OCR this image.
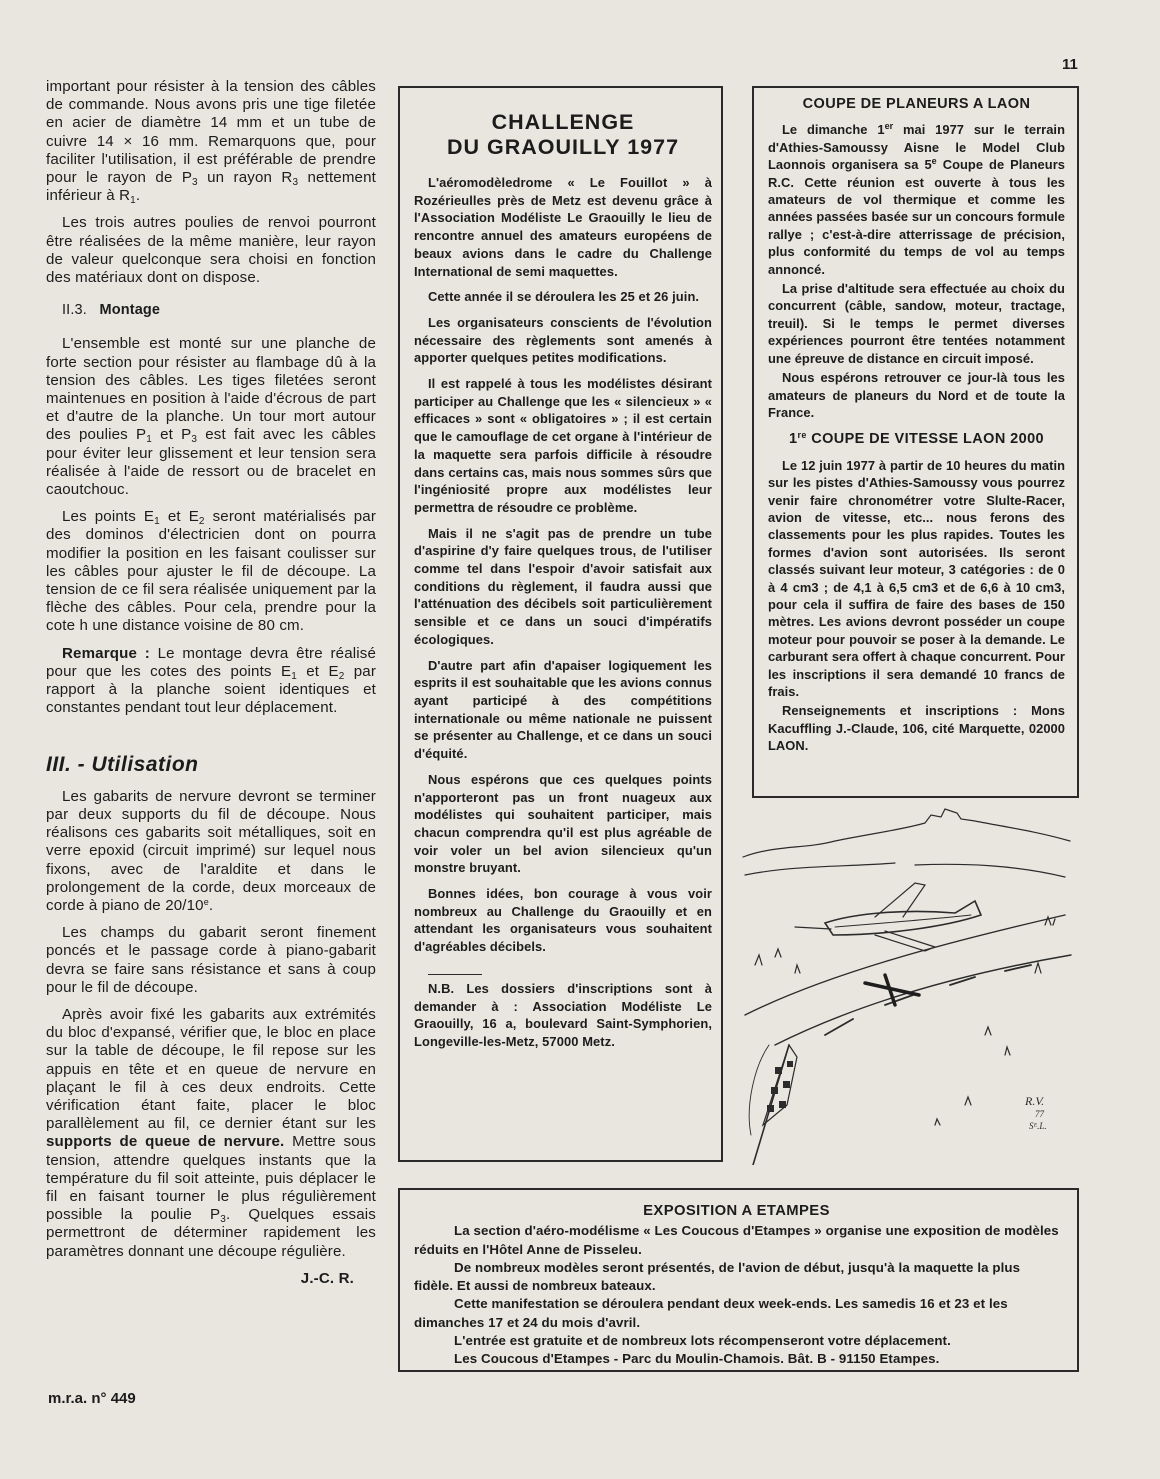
11

important pour résister à la tension des câbles de commande. Nous avons pris une tige filetée en acier de diamètre 14 mm et un tube de cuivre 14 × 16 mm. Remarquons que, pour faciliter l'utilisation, il est préférable de prendre pour le rayon de $P_3$ un rayon $R_3$ nettement inférieur à $R_1$.

Les trois autres poulies de renvoi pourront être réalisées de la même manière, leur rayon de valeur quelconque sera choisi en fonction des matériaux dont on dispose.

II.3. Montage

L'ensemble est monté sur une planche de forte section pour résister au flambage dû à la tension des câbles. Les tiges filetées seront maintenues en position à l'aide d'écrous de part et d'autre de la planche. Un tour mort autour des poulies $P_1$ et $P_3$ est fait avec les câbles pour éviter leur glissement et leur tension sera réalisée à l'aide de ressort ou de bracelet en caoutchouc.

Les points $E_1$ et $E_2$ seront matérialisés par des dominos d'électricien dont on pourra modifier la position en les faisant coulisser sur les câbles pour ajuster le fil de découpe. La tension de ce fil sera réalisée uniquement par la flèche des câbles. Pour cela, prendre pour la cote h une distance voisine de 80 cm.

Remarque : Le montage devra être réalisé pour que les cotes des points $E_1$ et $E_2$ par rapport à la planche soient identiques et constantes pendant tout leur déplacement.

III. - Utilisation

Les gabarits de nervure devront se terminer par deux supports du fil de découpe. Nous réalisons ces gabarits soit métalliques, soit en verre epoxid (circuit imprimé) sur lequel nous fixons, avec de l'araldite et dans le prolongement de la corde, deux morceaux de corde à piano de 20/10e.

Les champs du gabarit seront finement poncés et le passage corde à piano-gabarit devra se faire sans résistance et sans à coup pour le fil de découpe.

Après avoir fixé les gabarits aux extrémités du bloc d'expansé, vérifier que, le bloc en place sur la table de découpe, le fil repose sur les appuis en tête et en queue de nervure en plaçant le fil à ces deux endroits. Cette vérification étant faite, placer le bloc parallèlement au fil, ce dernier étant sur les supports de queue de nervure. Mettre sous tension, attendre quelques instants que la température du fil soit atteinte, puis déplacer le fil en faisant tourner le plus régulièrement possible la poulie $P_3$. Quelques essais permettront de déterminer rapidement les paramètres donnant une découpe régulière.

J.-C. R.
m.r.a. n° 449
CHALLENGE
DU GRAOUILLY 1977

L'aéromodèledrome « Le Fouillot » à Rozérieulles près de Metz est devenu grâce à l'Association Modéliste Le Graouilly le lieu de rencontre annuel des amateurs européens de beaux avions dans le cadre du Challenge International de semi maquettes.

Cette année il se déroulera les 25 et 26 juin.

Les organisateurs conscients de l'évolution nécessaire des règlements sont amenés à apporter quelques petites modifications.

Il est rappelé à tous les modélistes désirant participer au Challenge que les « silencieux » « efficaces » sont « obligatoires » ; il est certain que le camouflage de cet organe à l'intérieur de la maquette sera parfois difficile à résoudre dans certains cas, mais nous sommes sûrs que l'ingéniosité propre aux modélistes leur permettra de résoudre ce problème.

Mais il ne s'agit pas de prendre un tube d'aspirine d'y faire quelques trous, de l'utiliser comme tel dans l'espoir d'avoir satisfait aux conditions du règlement, il faudra aussi que l'atténuation des décibels soit particulièrement sensible et ce dans un souci d'impératifs écologiques.

D'autre part afin d'apaiser logiquement les esprits il est souhaitable que les avions connus ayant participé à des compétitions internationale ou même nationale ne puissent se présenter au Challenge, et ce dans un souci d'équité.

Nous espérons que ces quelques points n'apporteront pas un front nuageux aux modélistes qui souhaitent participer, mais chacun comprendra qu'il est plus agréable de voir voler un bel avion silencieux qu'un monstre bruyant.

Bonnes idées, bon courage à vous voir nombreux au Challenge du Graouilly et en attendant les organisateurs vous souhaitent d'agréables décibels.

N.B. Les dossiers d'inscriptions sont à demander à : Association Modéliste Le Graouilly, 16 a, boulevard Saint-Symphorien, Longeville-les-Metz, 57000 Metz.

COUPE DE PLANEURS A LAON

Le dimanche 1er mai 1977 sur le terrain d'Athies-Samoussy Aisne le Model Club Laonnois organisera sa 5e Coupe de Planeurs R.C. Cette réunion est ouverte à tous les amateurs de vol thermique et comme les années passées basée sur un concours formule rallye ; c'est-à-dire atterrissage de précision, plus conformité du temps de vol au temps annoncé.

La prise d'altitude sera effectuée au choix du concurrent (câble, sandow, moteur, tractage, treuil). Si le temps le permet diverses expériences pourront être tentées notamment une épreuve de distance en circuit imposé.

Nous espérons retrouver ce jour-là tous les amateurs de planeurs du Nord et de toute la France.

1re COUPE DE VITESSE LAON 2000

Le 12 juin 1977 à partir de 10 heures du matin sur les pistes d'Athies-Samoussy vous pourrez venir faire chronométrer votre Slulte-Racer, avion de vitesse, etc... nous ferons des classements pour les plus rapides. Toutes les formes d'avion sont autorisées. Ils seront classés suivant leur moteur, 3 catégories : de 0 à 4 cm3 ; de 4,1 à 6,5 cm3 et de 6,6 à 10 cm3, pour cela il suffira de faire des bases de 150 mètres. Les avions devront posséder un coupe moteur pour pouvoir se poser à la demande. Le carburant sera offert à chaque concurrent. Pour les inscriptions il sera demandé 10 francs de frais.

Renseignements et inscriptions : Mons Kacuffling J.-Claude, 106, cité Marquette, 02000 LAON.

R.V.
77
Sᴱ.L.
EXPOSITION A ETAMPES

La section d'aéro-modélisme « Les Coucous d'Etampes » organise une exposition de modèles réduits en l'Hôtel Anne de Pisseleu.

De nombreux modèles seront présentés, de l'avion de début, jusqu'à la maquette la plus fidèle. Et aussi de nombreux bateaux.

Cette manifestation se déroulera pendant deux week-ends. Les samedis 16 et 23 et les dimanches 17 et 24 du mois d'avril.

L'entrée est gratuite et de nombreux lots récompenseront votre déplacement.

Les Coucous d'Etampes - Parc du Moulin-Chamois. Bât. B - 91150 Etampes.
